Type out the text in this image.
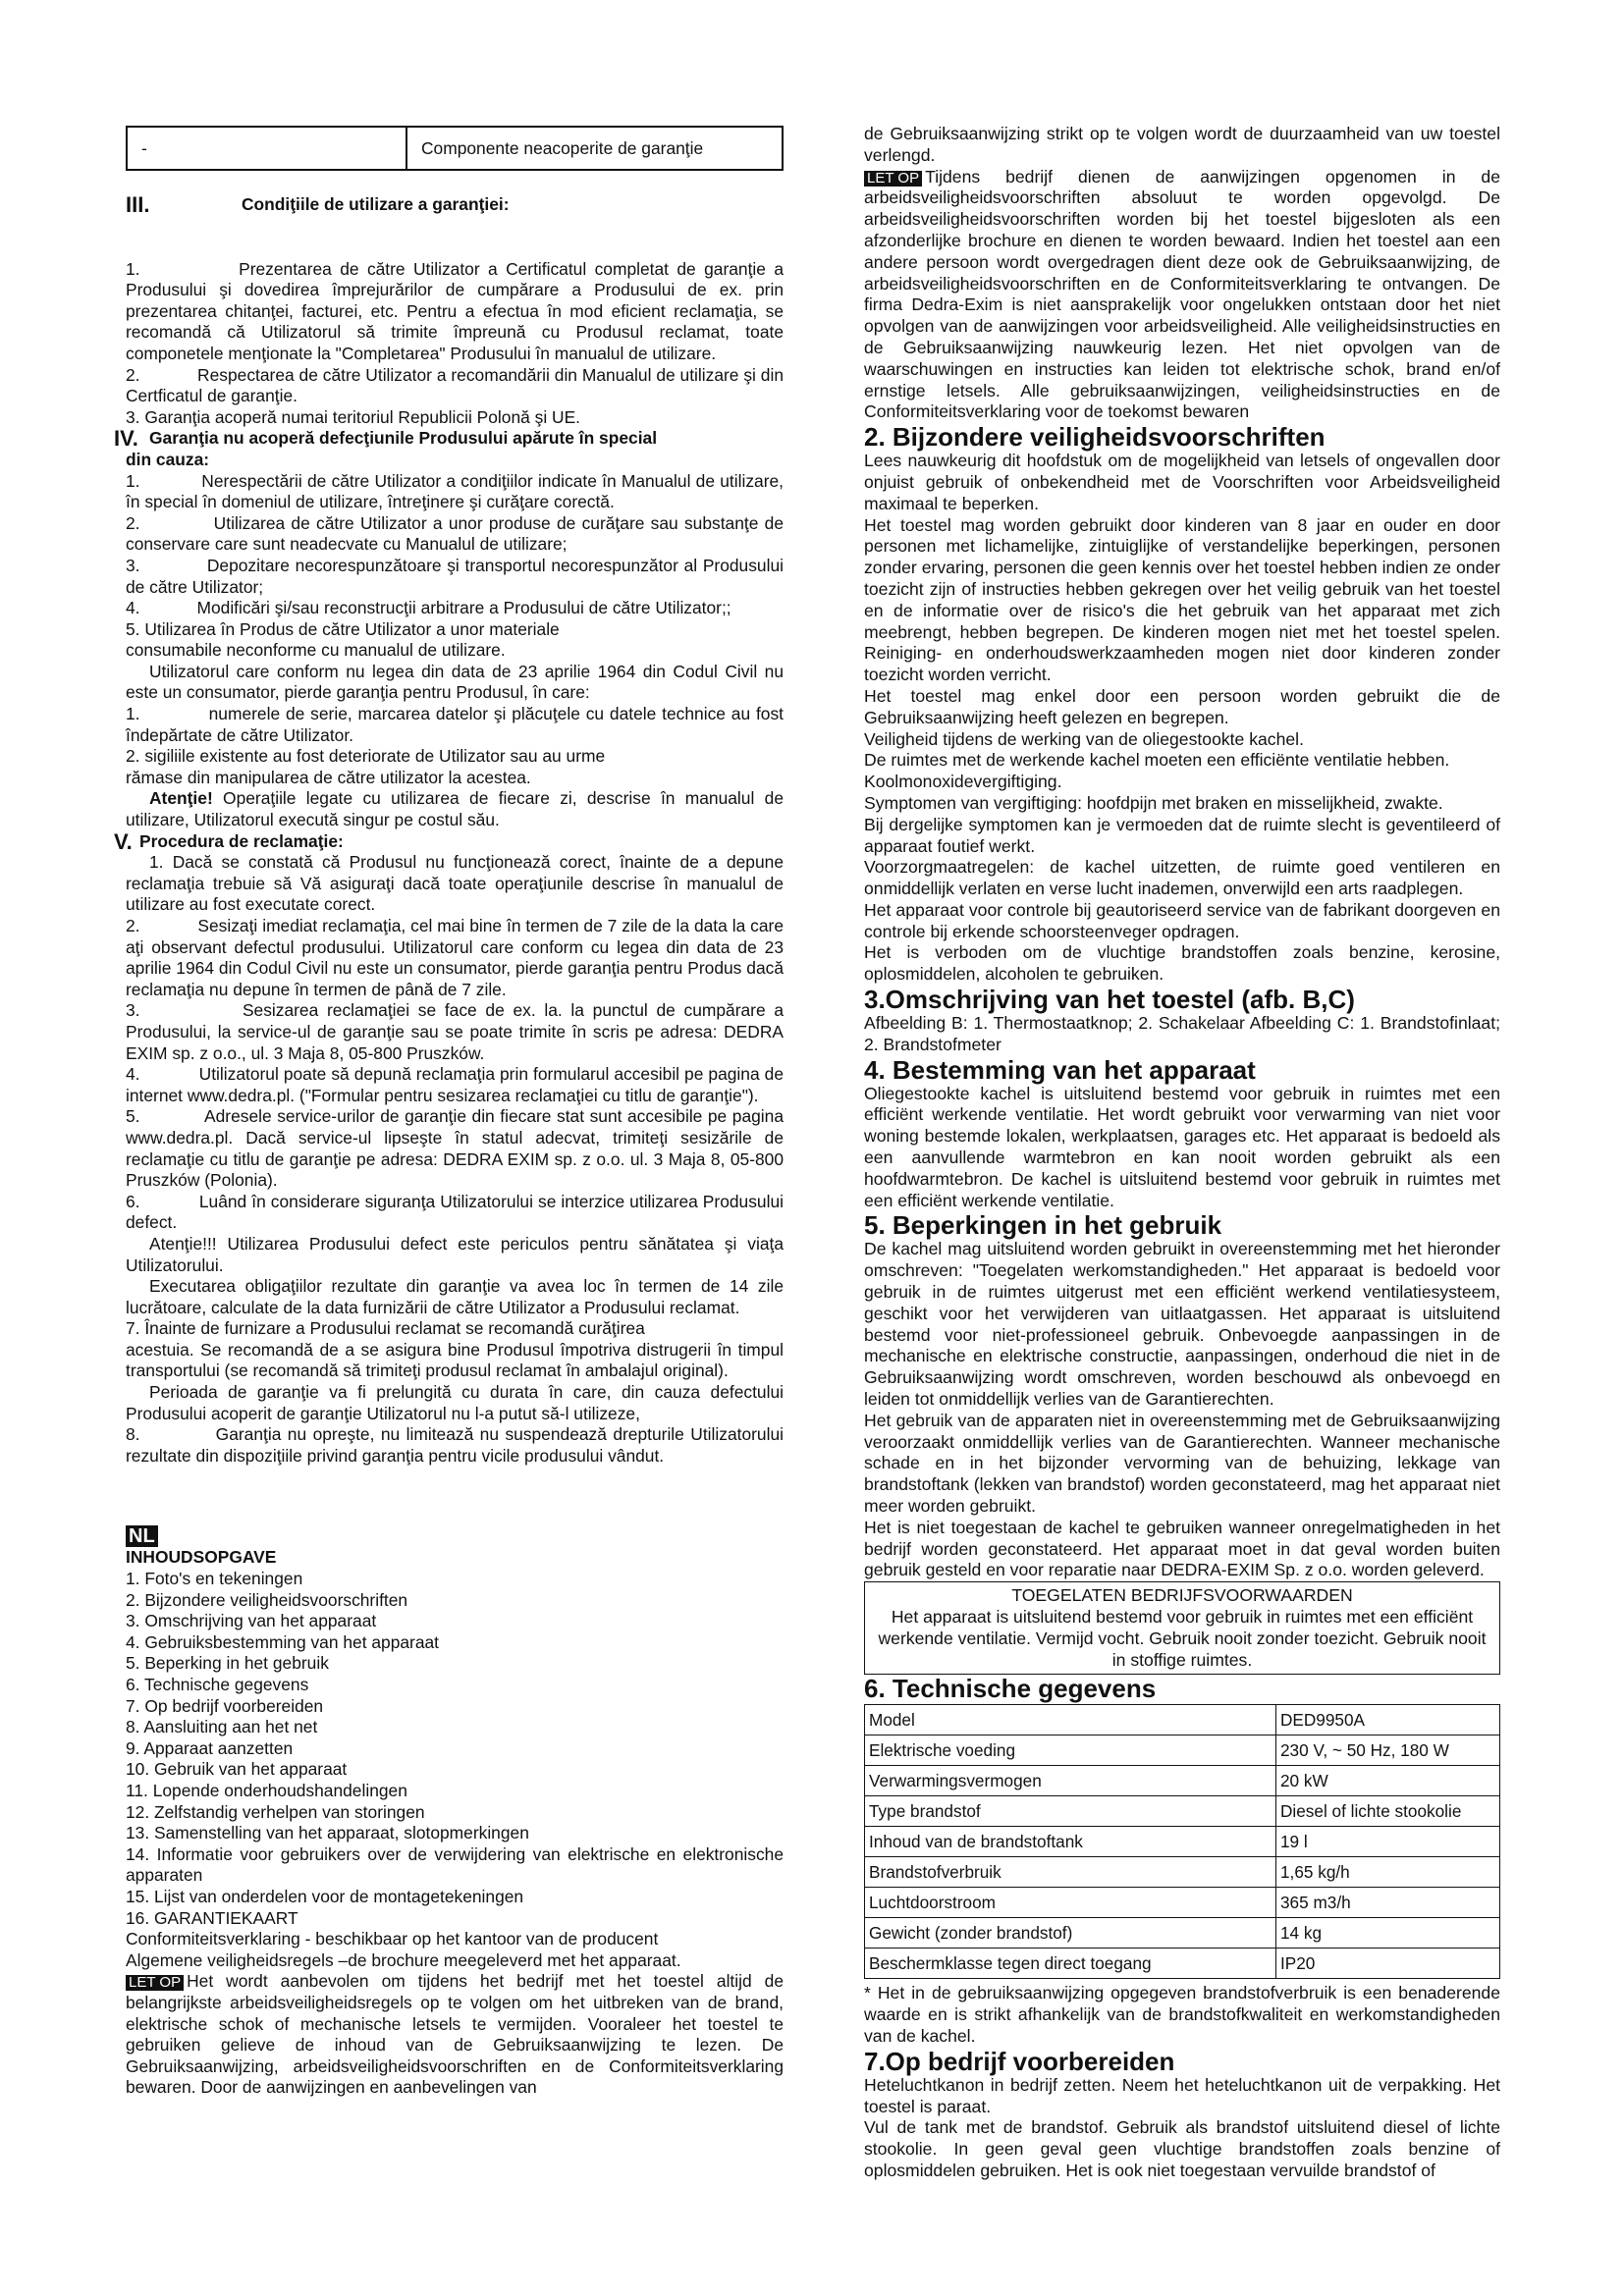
-	Componente neacoperite de garanţie
III.	Condiţiile de utilizare a garanţiei:

1.            Prezentarea de către Utilizator a Certificatul completat de garanţie a Produsului şi dovedirea împrejurărilor de cumpărare a Produsului de ex. prin prezentarea chitanţei, facturei, etc. Pentru a efectua în mod eficient reclamaţia, se recomandă că Utilizatorul să trimite împreună cu Produsul reclamat, toate componetele menţionate la "Completarea" Produsului în manualul de utilizare.

2.            Respectarea de către Utilizator a recomandării din Manualul de utilizare şi din Certficatul de garanţie.

3. Garanţia acoperă numai teritoriul Republicii Polonă şi UE.

IV. Garanţia nu acoperă defecţiunile Produsului apărute în special

din cauza:

1.            Nerespectării de către Utilizator a condiţiilor indicate în Manualul de utilizare, în special în domeniul de utilizare, întreţinere şi curăţare corectă.

2.            Utilizarea de către Utilizator a unor produse de curăţare sau substanţe de conservare care sunt neadecvate cu Manualul de utilizare;

3.            Depozitare necorespunzătoare şi transportul necorespunzător al Produsului de către Utilizator;

4.            Modificări şi/sau reconstrucţii arbitrare a Produsului de către Utilizator;;

5. Utilizarea în Produs de către Utilizator a unor materiale

consumabile neconforme cu manualul de utilizare.

Utilizatorul care conform nu legea din data de 23 aprilie 1964 din Codul Civil nu este un consumator, pierde garanţia pentru Produsul, în care:

1.            numerele de serie, marcarea datelor şi plăcuţele cu datele technice au fost îndepărtate de către Utilizator.

2. sigiliile existente au fost deteriorate de Utilizator sau au urme

rămase din manipularea de către utilizator la acestea.

Atenţie! Operaţiile legate cu utilizarea de fiecare zi, descrise în manualul de utilizare, Utilizatorul execută singur pe costul său.

V. Procedura de reclamaţie:

1. Dacă se constată că Produsul nu funcţionează corect, înainte de a depune reclamaţia trebuie să Vă asiguraţi dacă toate operaţiunile descrise în manualul de utilizare au fost executate corect.

2.            Sesizaţi imediat reclamaţia, cel mai bine în termen de 7 zile de la data la care aţi observant defectul produsului. Utilizatorul care conform cu legea din data de 23 aprilie 1964 din Codul Civil nu este un consumator, pierde garanţia pentru Produs dacă reclamaţia nu depune în termen de până de 7 zile.

3.            Sesizarea reclamaţiei se face de ex. la. la punctul de cumpărare a Produsului, la service-ul de garanţie sau se poate trimite în scris pe adresa: DEDRA EXIM sp. z o.o., ul. 3 Maja 8, 05-800 Pruszków.

4.            Utilizatorul poate să depună reclamaţia prin formularul accesibil pe pagina de internet www.dedra.pl. ("Formular pentru sesizarea reclamaţiei cu titlu de garanţie").

5.            Adresele service-urilor de garanţie din fiecare stat sunt accesibile pe pagina www.dedra.pl. Dacă service-ul lipseşte în statul adecvat, trimiteţi sesizările de reclamaţie cu titlu de garanţie pe adresa: DEDRA EXIM sp. z o.o. ul. 3 Maja 8, 05-800 Pruszków (Polonia).

6.            Luând în considerare siguranţa Utilizatorului se interzice utilizarea Produsului defect.

Atenţie!!! Utilizarea Produsului defect este periculos pentru sănătatea şi viaţa Utilizatorului.

Executarea obligaţiilor rezultate din garanţie va avea loc în termen de 14 zile lucrătoare, calculate de la data furnizării de către Utilizator a Produsului reclamat.

7. Înainte de furnizare a Produsului reclamat se recomandă curăţirea

acestuia. Se recomandă de a se asigura bine Produsul împotriva distrugerii în timpul transportului (se recomandă să trimiteţi produsul reclamat în ambalajul original).

Perioada de garanţie va fi prelungită cu durata în care, din cauza defectului Produsului acoperit de garanţie Utilizatorul nu l-a putut să-l utilizeze,

8.            Garanţia nu opreşte, nu limitează nu suspendează drepturile Utilizatorului rezultate din dispoziţiile privind garanţia pentru vicile produsului vândut.

NL

INHOUDSOPGAVE

1. Foto's en tekeningen

2. Bijzondere veiligheidsvoorschriften

3. Omschrijving van het apparaat

4. Gebruiksbestemming van het apparaat

5. Beperking in het gebruik

6. Technische gegevens

7. Op bedrijf voorbereiden

8. Aansluiting aan het net

9. Apparaat aanzetten

10. Gebruik van het apparaat

11. Lopende onderhoudshandelingen

12. Zelfstandig verhelpen van storingen

13. Samenstelling van het apparaat, slotopmerkingen

14. Informatie voor gebruikers over de verwijdering van elektrische en elektronische apparaten

15. Lijst van onderdelen voor de montagetekeningen

16. GARANTIEKAART

Conformiteitsverklaring - beschikbaar op het kantoor van de producent

Algemene veiligheidsregels –de brochure meegeleverd met het apparaat.

LET OP Het wordt aanbevolen om tijdens het bedrijf met het toestel altijd de belangrijkste arbeidsveiligheidsregels op te volgen om het uitbreken van de brand, elektrische schok of mechanische letsels te vermijden. Vooraleer het toestel te gebruiken gelieve de inhoud van de Gebruiksaanwijzing te lezen. De Gebruiksaanwijzing, arbeidsveiligheidsvoorschriften en de Conformiteitsverklaring bewaren. Door de aanwijzingen en aanbevelingen van

de Gebruiksaanwijzing strikt op te volgen wordt de duurzaamheid van uw toestel verlengd.

LET OP Tijdens bedrijf dienen de aanwijzingen opgenomen in de arbeidsveiligheidsvoorschriften absoluut te worden opgevolgd. De arbeidsveiligheidsvoorschriften worden bij het toestel bijgesloten als een afzonderlijke brochure en dienen te worden bewaard. Indien het toestel aan een andere persoon wordt overgedragen dient deze ook de Gebruiksaanwijzing, de arbeidsveiligheidsvoorschriften en de Conformiteitsverklaring te ontvangen. De firma Dedra-Exim is niet aansprakelijk voor ongelukken ontstaan door het niet opvolgen van de aanwijzingen voor arbeidsveiligheid. Alle veiligheidsinstructies en de Gebruiksaanwijzing nauwkeurig lezen. Het niet opvolgen van de waarschuwingen en instructies kan leiden tot elektrische schok, brand en/of ernstige letsels. Alle gebruiksaanwijzingen, veiligheidsinstructies en de Conformiteitsverklaring voor de toekomst bewaren

2. Bijzondere veiligheidsvoorschriften

Lees nauwkeurig dit hoofdstuk om de mogelijkheid van letsels of ongevallen door onjuist gebruik of onbekendheid met de Voorschriften voor Arbeidsveiligheid maximaal te beperken.

Het toestel mag worden gebruikt door kinderen van 8 jaar en ouder en door personen met lichamelijke, zintuiglijke of verstandelijke beperkingen, personen zonder ervaring, personen die geen kennis over het toestel hebben indien ze onder toezicht zijn of instructies hebben gekregen over het veilig gebruik van het toestel en de informatie over de risico's die het gebruik van het apparaat met zich meebrengt, hebben begrepen. De kinderen mogen niet met het toestel spelen. Reiniging- en onderhoudswerkzaamheden mogen niet door kinderen zonder toezicht worden verricht.

Het toestel mag enkel door een persoon worden gebruikt die de Gebruiksaanwijzing heeft gelezen en begrepen.

Veiligheid tijdens de werking van de oliegestookte kachel.

De ruimtes met de werkende kachel moeten een efficiënte ventilatie hebben.

Koolmonoxidevergiftiging.

Symptomen van vergiftiging: hoofdpijn met braken en misselijkheid, zwakte.

Bij dergelijke symptomen kan je vermoeden dat de ruimte slecht is geventileerd of apparaat foutief werkt.

Voorzorgmaatregelen: de kachel uitzetten, de ruimte goed ventileren en onmiddellijk verlaten en verse lucht inademen, onverwijld een arts raadplegen.

Het apparaat voor controle bij geautoriseerd service van de fabrikant doorgeven en controle bij erkende schoorsteenveger opdragen.

Het is verboden om de vluchtige brandstoffen zoals benzine, kerosine, oplosmiddelen, alcoholen te gebruiken.

3.Omschrijving van het toestel (afb. B,C)

Afbeelding B: 1. Thermostaatknop; 2. Schakelaar Afbeelding C: 1. Brandstofinlaat; 2. Brandstofmeter

4. Bestemming van het apparaat

Oliegestookte kachel is uitsluitend bestemd voor gebruik in ruimtes met een efficiënt werkende ventilatie. Het wordt gebruikt voor verwarming van niet voor woning bestemde lokalen, werkplaatsen, garages etc. Het apparaat is bedoeld als een aanvullende warmtebron en kan nooit worden gebruikt als een hoofdwarmtebron. De kachel is uitsluitend bestemd voor gebruik in ruimtes met een efficiënt werkende ventilatie.

5. Beperkingen in het gebruik

De kachel mag uitsluitend worden gebruikt in overeenstemming met het hieronder omschreven: "Toegelaten werkomstandigheden." Het apparaat is bedoeld voor gebruik in de ruimtes uitgerust met een efficiënt werkend ventilatiesysteem, geschikt voor het verwijderen van uitlaatgassen. Het apparaat is uitsluitend bestemd voor niet-professioneel gebruik. Onbevoegde aanpassingen in de mechanische en elektrische constructie, aanpassingen, onderhoud die niet in de Gebruiksaanwijzing wordt omschreven, worden beschouwd als onbevoegd en leiden tot onmiddellijk verlies van de Garantierechten.

Het gebruik van de apparaten niet in overeenstemming met de Gebruiksaanwijzing veroorzaakt onmiddellijk verlies van de Garantierechten. Wanneer mechanische schade en in het bijzonder vervorming van de behuizing, lekkage van brandstoftank (lekken van brandstof) worden geconstateerd, mag het apparaat niet meer worden gebruikt.

Het is niet toegestaan de kachel te gebruiken wanneer onregelmatigheden in het bedrijf worden geconstateerd. Het apparaat moet in dat geval worden buiten gebruik gesteld en voor reparatie naar DEDRA-EXIM Sp. z o.o. worden geleverd.

TOEGELATEN BEDRIJFSVOORWAARDEN

Het apparaat is uitsluitend bestemd voor gebruik in ruimtes met een efficiënt werkende ventilatie. Vermijd vocht. Gebruik nooit zonder toezicht. Gebruik nooit in stoffige ruimtes.

6. Technische gegevens
Model	DED9950A
Elektrische voeding	230 V, ~ 50 Hz, 180 W
Verwarmingsvermogen	20 kW
Type brandstof	Diesel of lichte stookolie
Inhoud van de brandstoftank	19 l
Brandstofverbruik	1,65 kg/h
Luchtdoorstroom	365 m3/h
Gewicht (zonder brandstof)	14 kg
Beschermklasse tegen direct toegang	IP20

* Het in de gebruiksaanwijzing opgegeven brandstofverbruik is een benaderende waarde en is strikt afhankelijk van de brandstofkwaliteit en werkomstandigheden van de kachel.

7.Op bedrijf voorbereiden

Heteluchtkanon in bedrijf zetten. Neem het heteluchtkanon uit de verpakking. Het toestel is paraat.

Vul de tank met de brandstof. Gebruik als brandstof uitsluitend diesel of lichte stookolie. In geen geval geen vluchtige brandstoffen zoals benzine of oplosmiddelen gebruiken. Het is ook niet toegestaan vervuilde brandstof of
